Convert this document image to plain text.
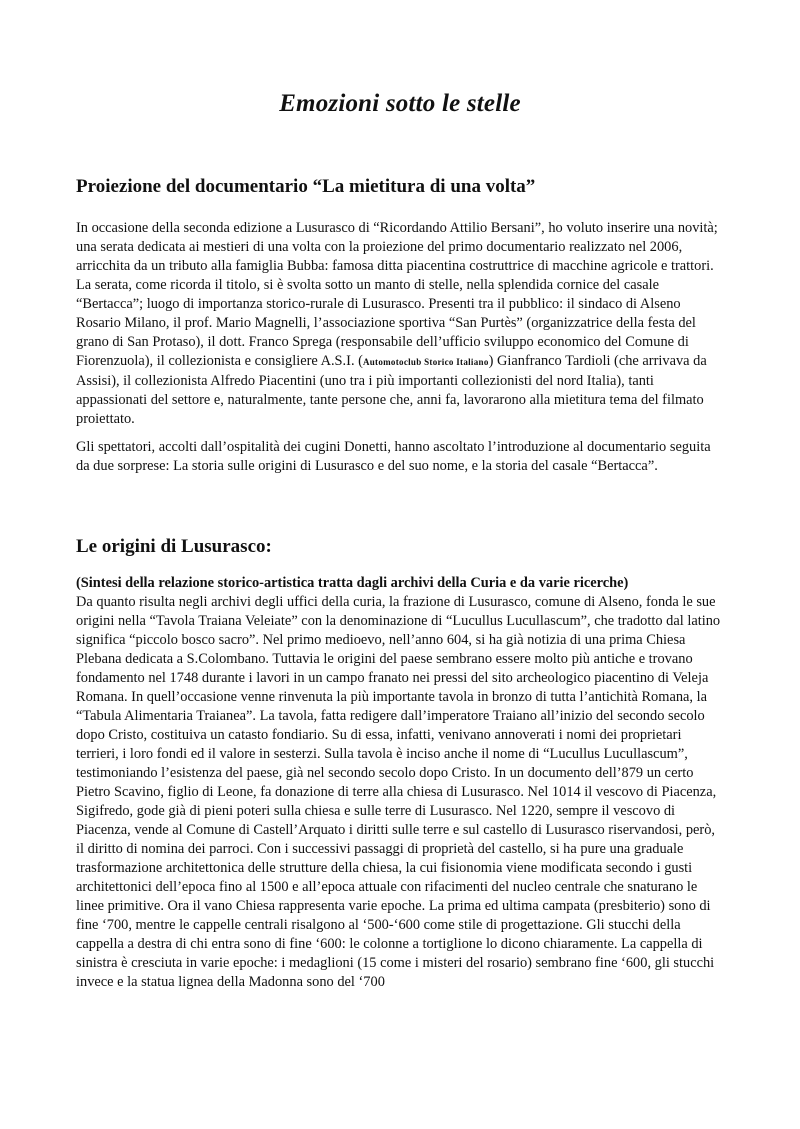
Emozioni sotto le stelle
Proiezione del documentario “La mietitura di una volta”

In occasione della seconda edizione a Lusurasco di “Ricordando Attilio Bersani”, ho voluto inserire una novità; una serata dedicata ai mestieri di una volta con la proiezione del primo documentario realizzato nel 2006, arricchita da un tributo alla famiglia Bubba: famosa ditta piacentina costruttrice di macchine agricole e trattori. La serata, come ricorda il titolo, si è svolta sotto un manto di stelle, nella splendida cornice del casale “Bertacca”; luogo di importanza storico-rurale di Lusurasco. Presenti tra il pubblico: il sindaco di Alseno Rosario Milano, il prof. Mario Magnelli, l’associazione sportiva “San Purtès” (organizzatrice della festa del grano di San Protaso), il dott. Franco Sprega (responsabile dell’ufficio sviluppo economico del Comune di Fiorenzuola), il collezionista e consigliere A.S.I. (Automotoclub Storico Italiano) Gianfranco Tardioli (che arrivava da Assisi), il collezionista Alfredo Piacentini (uno tra i più importanti collezionisti del nord Italia), tanti appassionati del settore e, naturalmente, tante persone che, anni fa, lavorarono alla mietitura tema del filmato proiettato.

Gli spettatori, accolti dall’ospitalità dei cugini Donetti, hanno ascoltato l’introduzione al documentario seguita da due sorprese: La storia sulle origini di Lusurasco e del suo nome, e la storia del casale “Bertacca”.

Le origini di Lusurasco:

(Sintesi della relazione storico-artistica tratta dagli archivi della Curia e da varie ricerche)

Da quanto risulta negli archivi degli uffici della curia, la frazione di Lusurasco, comune di Alseno, fonda le sue origini nella “Tavola Traiana Veleiate” con la denominazione di “Lucullus Lucullascum”, che tradotto dal latino significa “piccolo bosco sacro”. Nel primo medioevo, nell’anno 604, si ha già notizia di una prima Chiesa Plebana dedicata a S.Colombano. Tuttavia le origini del paese sembrano essere molto più antiche e trovano fondamento nel 1748 durante i lavori in un campo franato nei pressi del sito archeologico piacentino di Veleja Romana. In quell’occasione venne rinvenuta la più importante tavola in bronzo di tutta l’antichità Romana, la “Tabula Alimentaria Traianea”. La tavola, fatta redigere dall’imperatore Traiano all’inizio del secondo secolo dopo Cristo, costituiva un catasto fondiario. Su di essa, infatti, venivano annoverati i nomi dei proprietari terrieri, i loro fondi ed il valore in sesterzi. Sulla tavola è inciso anche il nome di “Lucullus Lucullascum”, testimoniando l’esistenza del paese, già nel secondo secolo dopo Cristo. In un documento dell’879 un certo Pietro Scavino, figlio di Leone, fa donazione di terre alla chiesa di Lusurasco. Nel 1014 il vescovo di Piacenza, Sigifredo, gode già di pieni poteri sulla chiesa e sulle terre di Lusurasco. Nel 1220, sempre il vescovo di Piacenza, vende al Comune di Castell’Arquato i diritti sulle terre e sul castello di Lusurasco riservandosi, però, il diritto di nomina dei parroci. Con i successivi passaggi di proprietà del castello, si ha pure una graduale trasformazione architettonica delle strutture della chiesa, la cui fisionomia viene modificata secondo i gusti architettonici dell’epoca fino al 1500 e all’epoca attuale con rifacimenti del nucleo centrale che snaturano le linee primitive. Ora il vano Chiesa rappresenta varie epoche. La prima ed ultima campata (presbiterio) sono di fine ‘700, mentre le cappelle centrali risalgono al ‘500-‘600 come stile di progettazione. Gli stucchi della cappella a destra di chi entra sono di fine ‘600: le colonne a tortiglione lo dicono chiaramente. La cappella di sinistra è cresciuta in varie epoche: i medaglioni (15 come i misteri del rosario) sembrano fine ‘600, gli stucchi invece e la statua lignea della Madonna sono del ‘700
